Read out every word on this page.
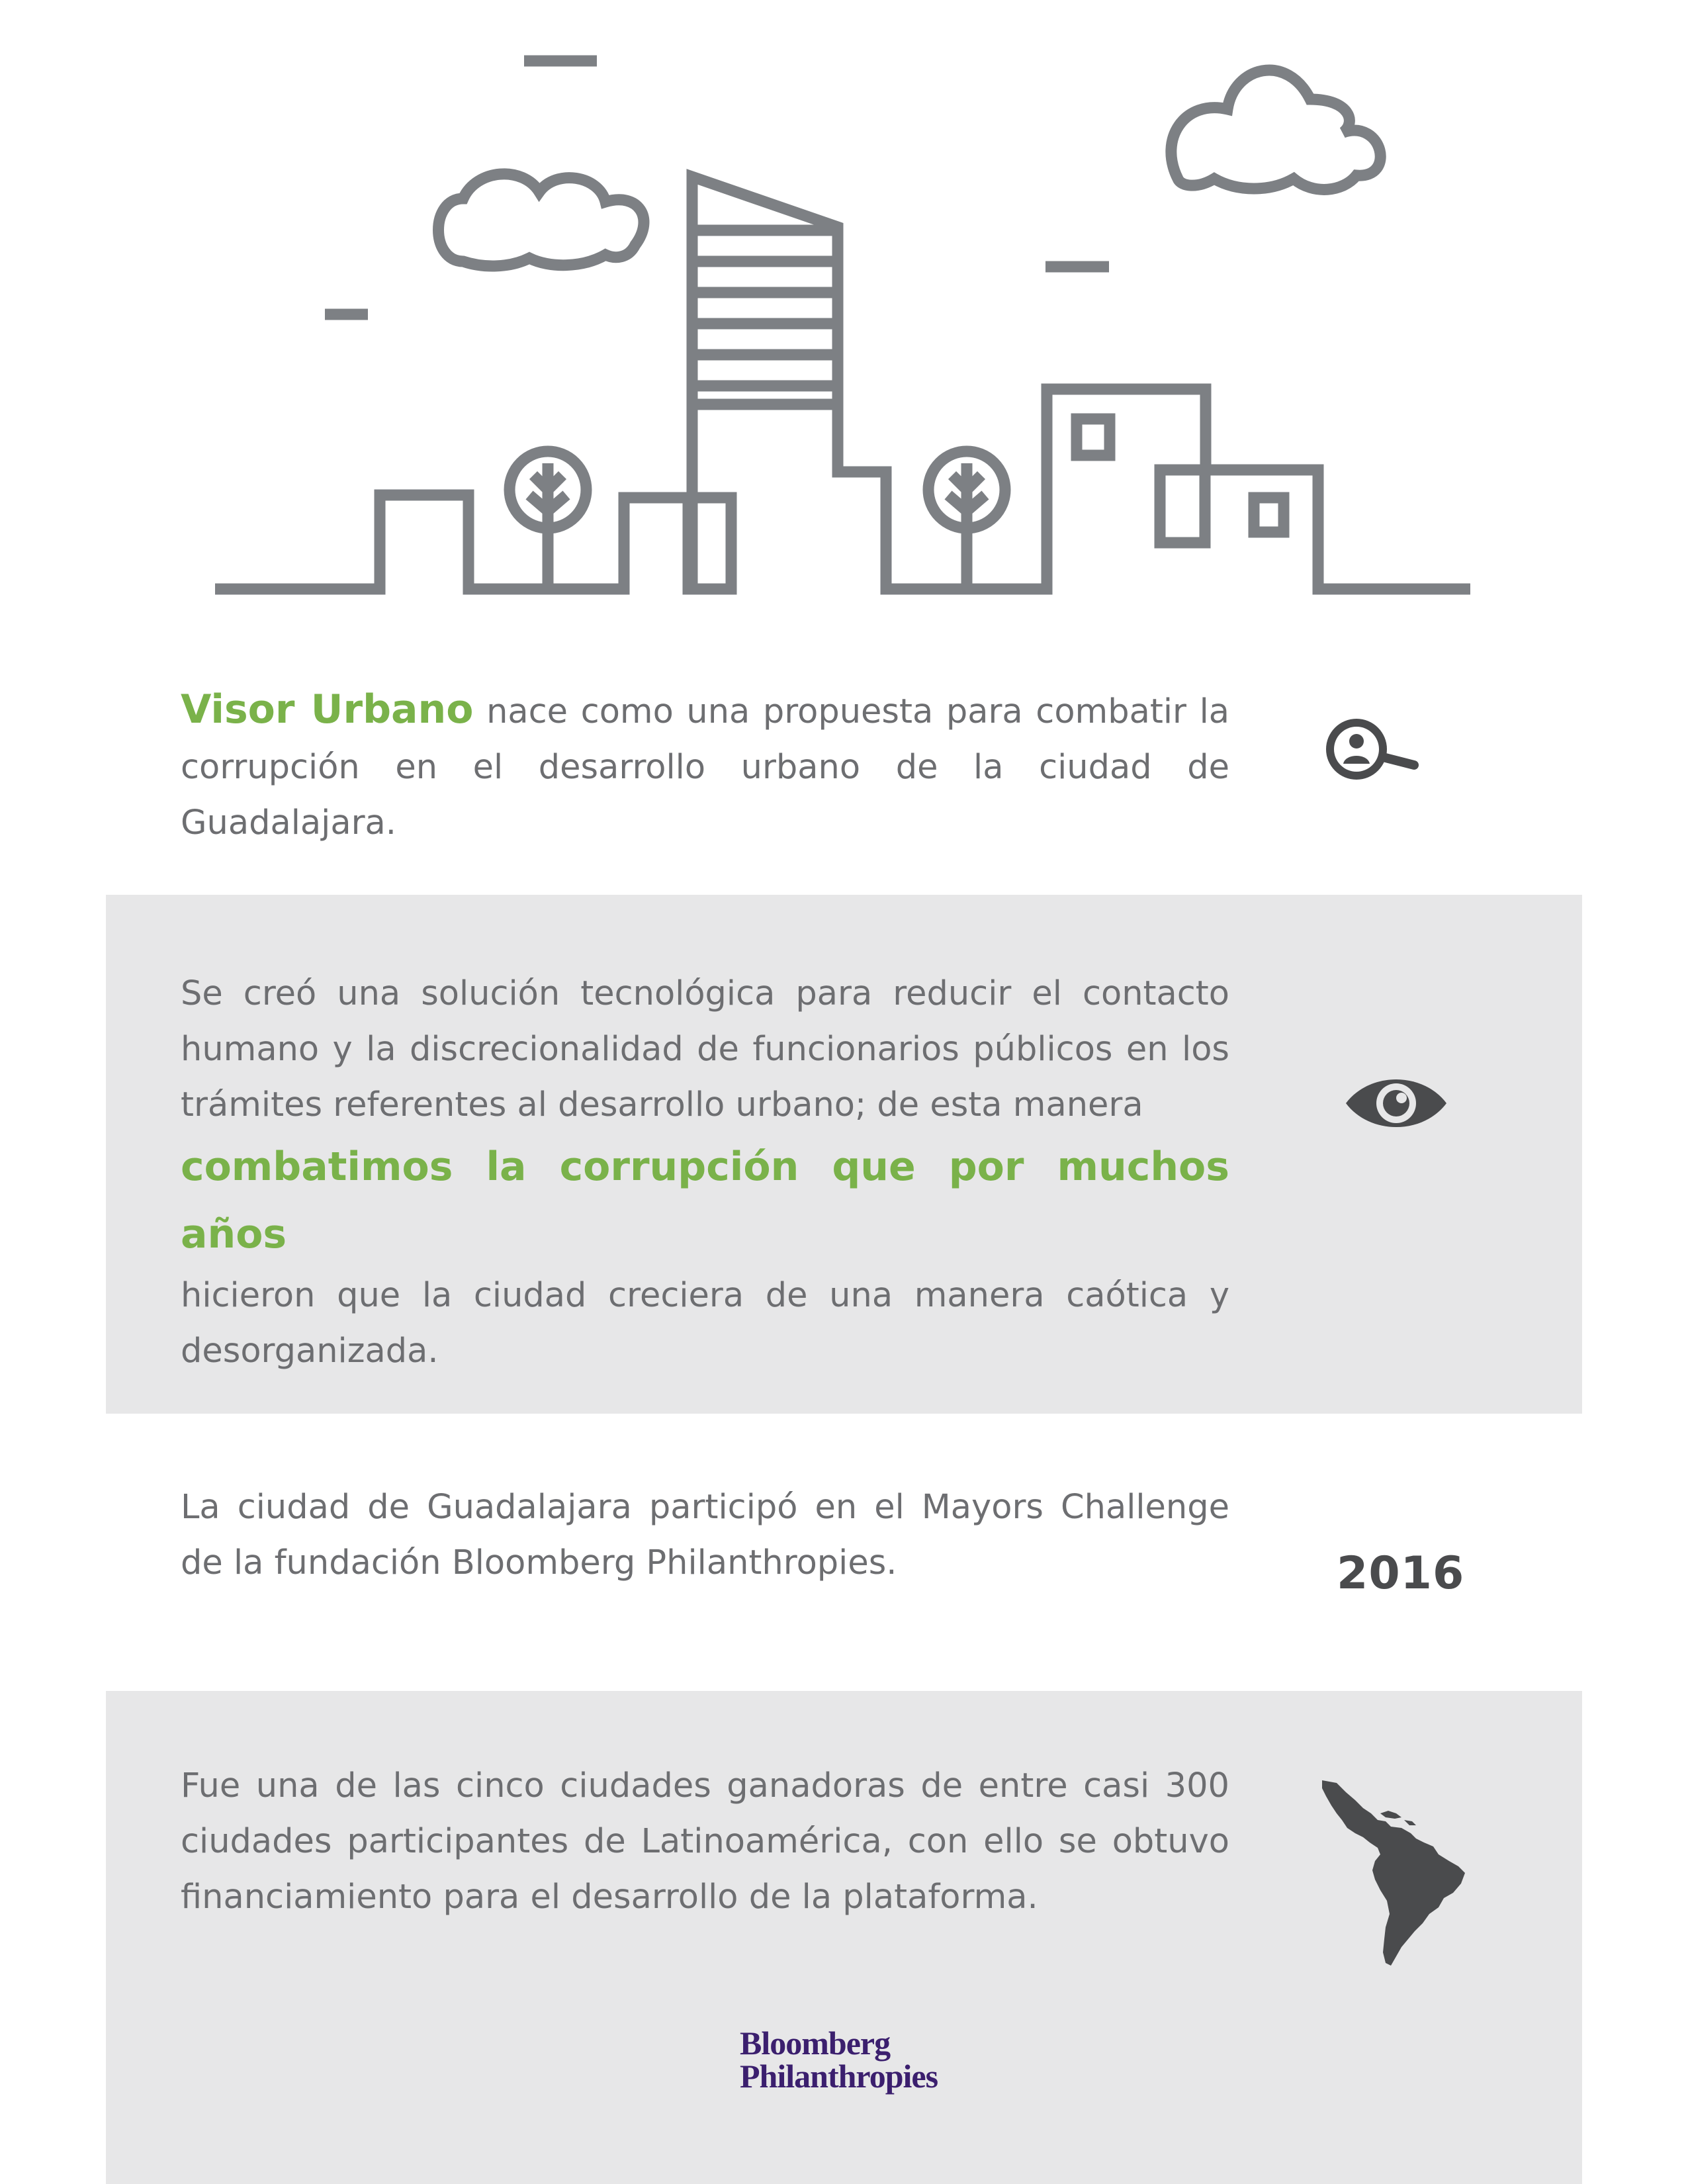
Visor Urbano nace como una propuesta para combatir la corrupción en el desarrollo urbano de la ciudad de Guadalajara.

Se creó una solución tecnológica para reducir el contacto humano y la discrecionalidad de funcionarios públicos en los trámites referentes al desarrollo urbano; de esta manera
combatimos la corrupción que por muchos años
hicieron que la ciudad creciera de una manera caótica y desorganizada.

La ciudad de Guadalajara participó en el Mayors Challenge de la fundación Bloomberg Philanthropies.	2016

Fue una de las cinco ciudades ganadoras de entre casi 300 ciudades participantes de Latinoamérica, con ello se obtuvo financiamiento para el desarrollo de la plataforma.

Bloomberg
Philanthropies
